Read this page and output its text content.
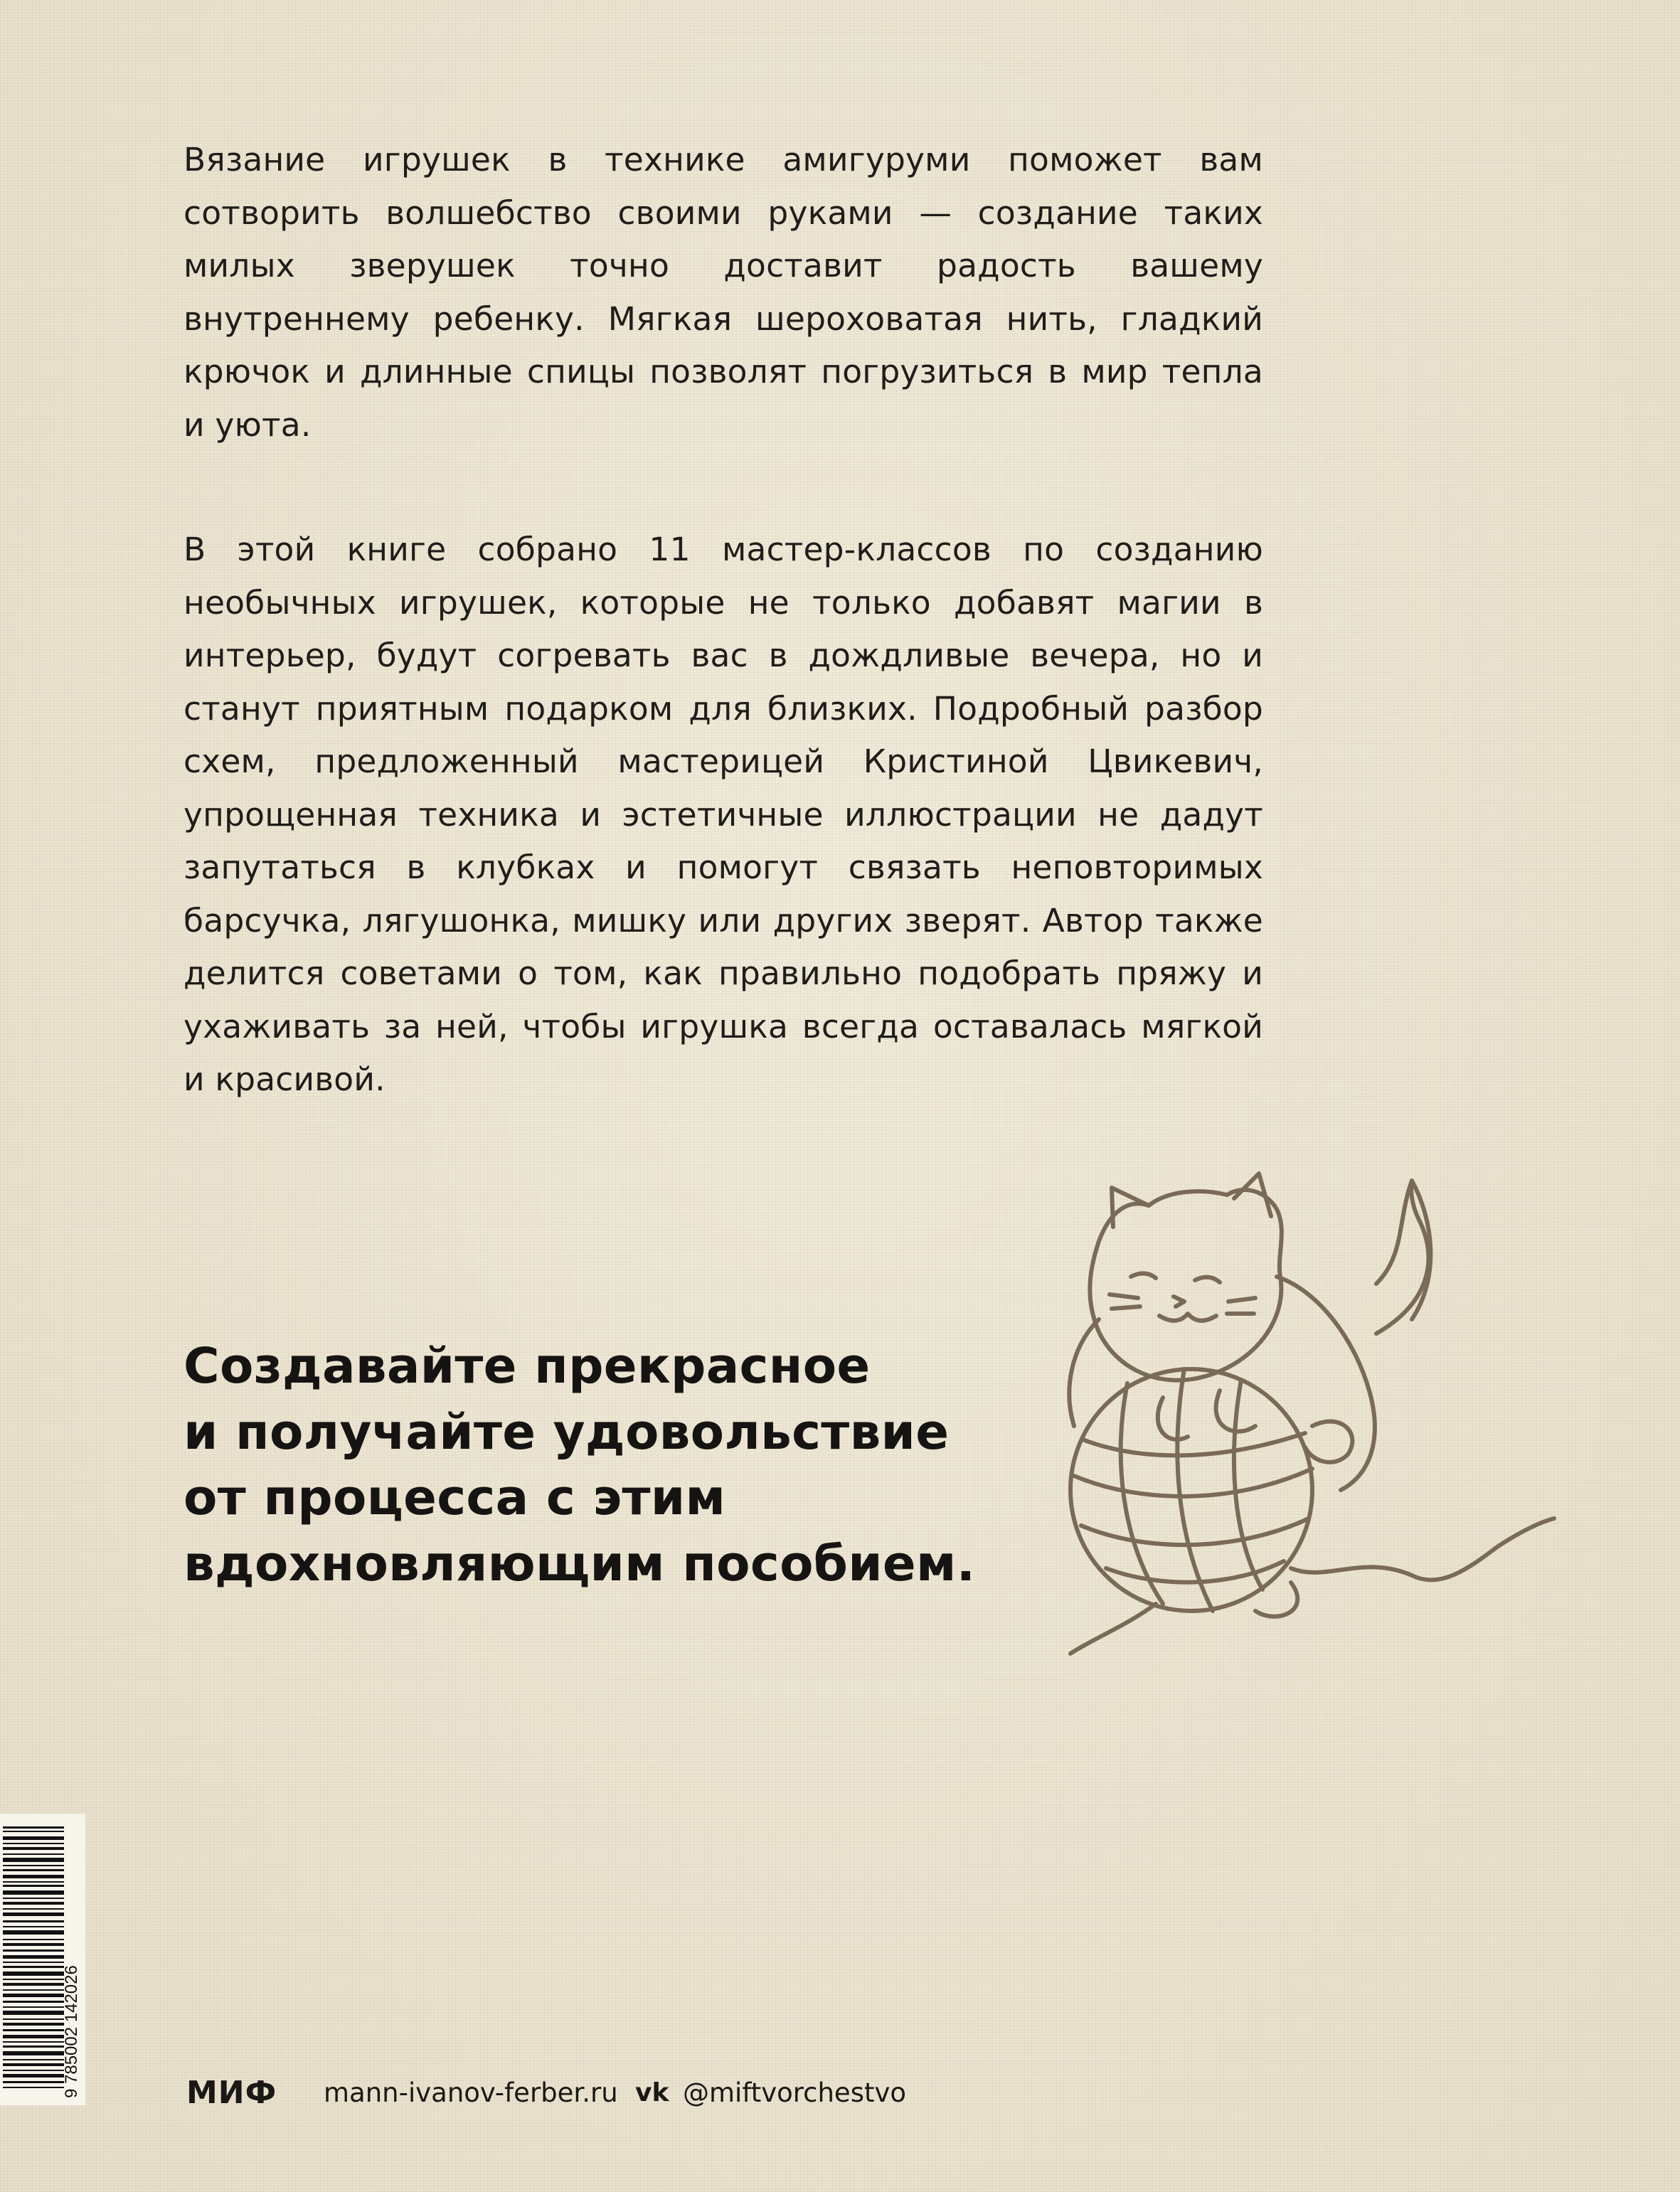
Вязание игрушек в технике амигуруми поможет вам сотворить волшебство своими руками — создание таких милых зверушек точно доставит радость вашему внутреннему ребенку. Мягкая шероховатая нить, гладкий крючок и длинные спицы позволят погрузиться в мир тепла и уюта.

В этой книге собрано 11 мастер-классов по созданию необычных игрушек, которые не только добавят магии в интерьер, будут согревать вас в дождливые вечера, но и станут приятным подарком для близких. Подробный разбор схем, предложенный мастерицей Кристиной Цвикевич, упрощенная техника и эстетичные иллюстрации не дадут запутаться в клубках и помогут связать неповторимых барсучка, лягушонка, мишку или других зверят. Автор также делится советами о том, как правильно подобрать пряжу и ухаживать за ней, чтобы игрушка всегда оставалась мягкой и красивой.

Создавайте прекрасное
и получайте удовольствие
от процесса с этим
вдохновляющим пособием.
9 785002 142026	МИФ mann-ivanov-ferber.ru vk @miftvorchestvo
